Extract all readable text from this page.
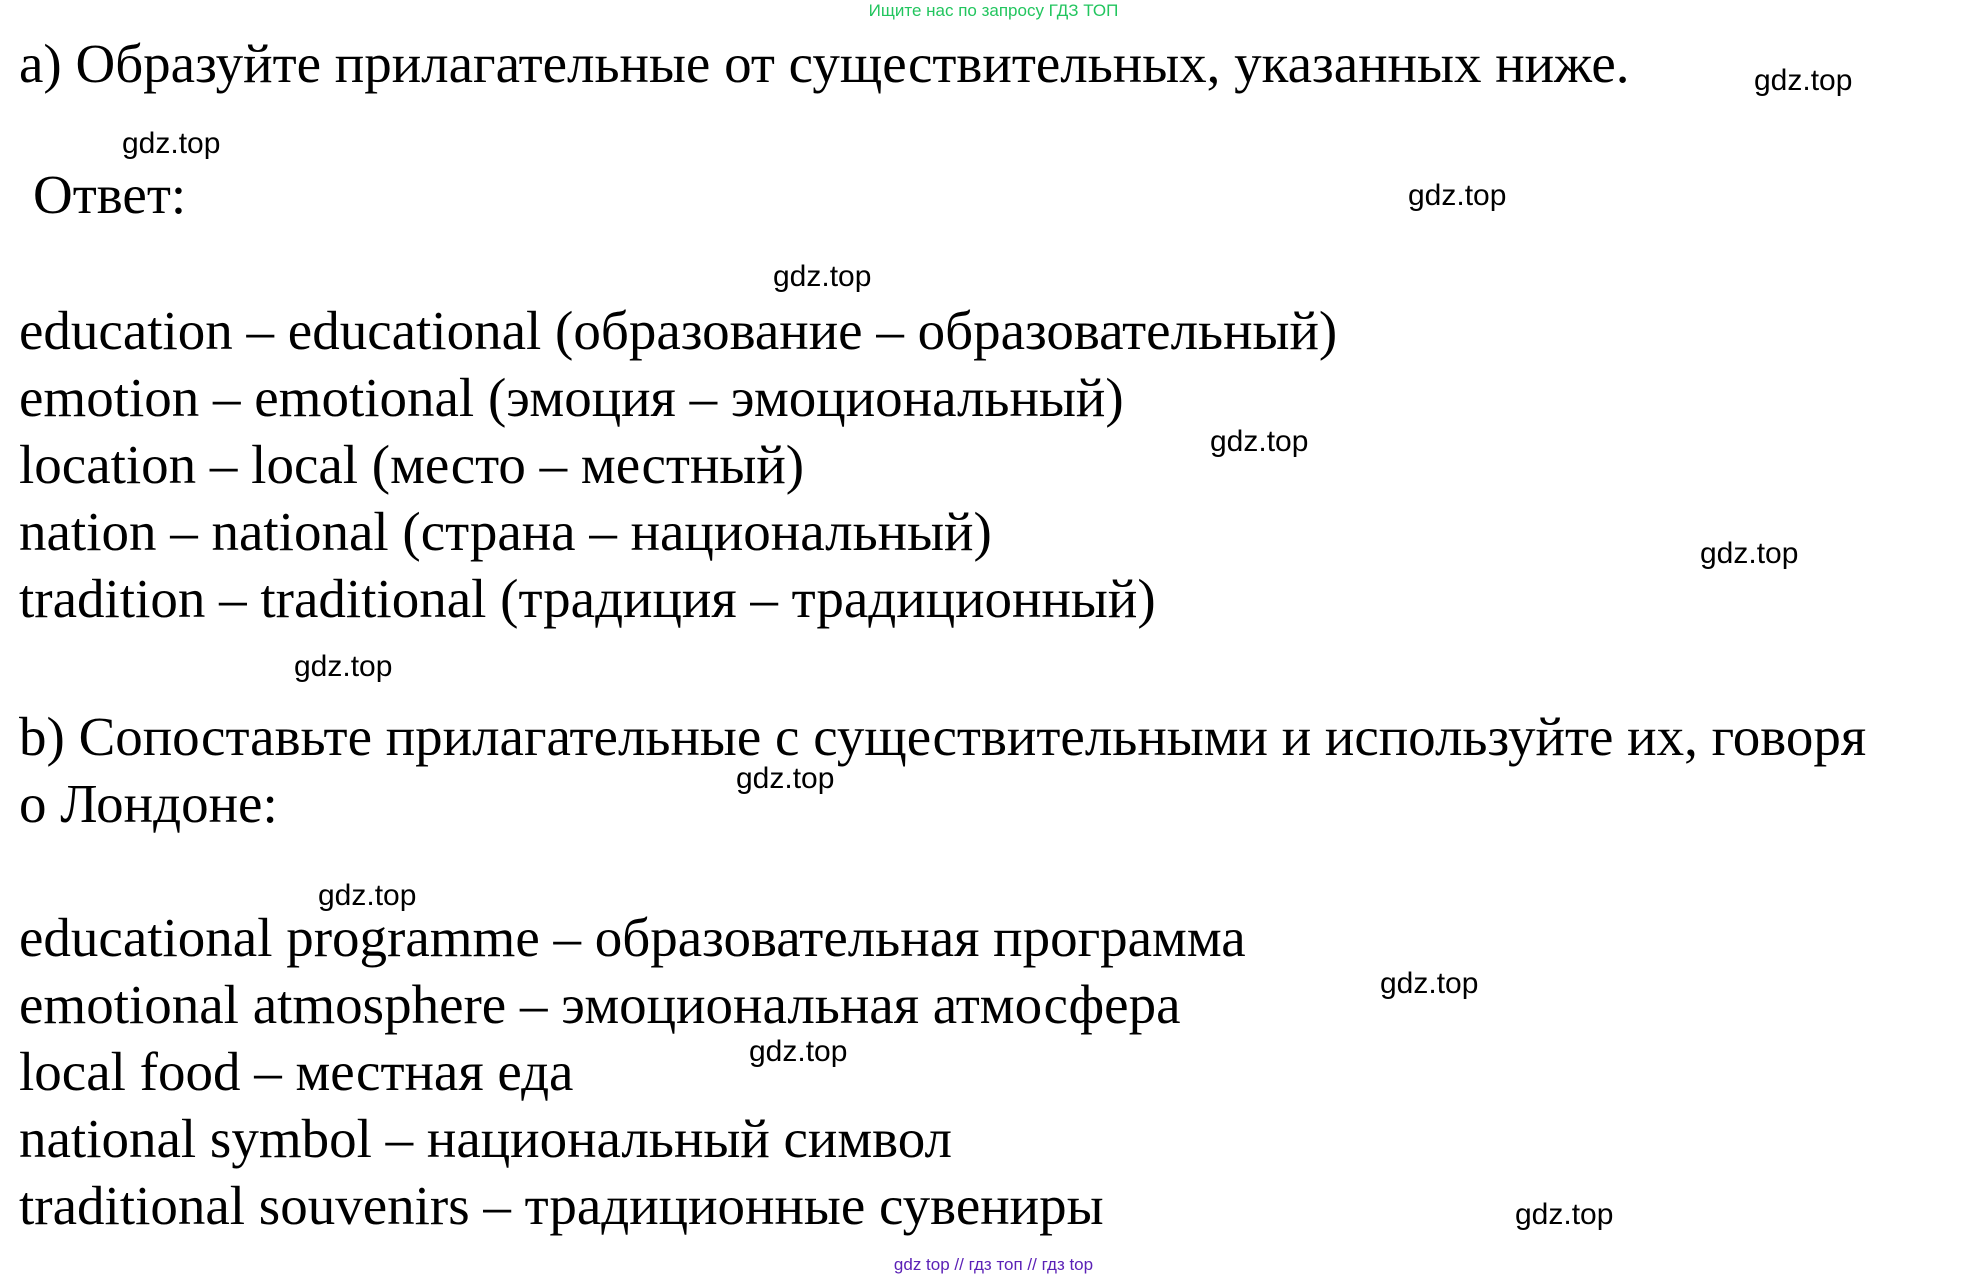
Ищите нас по запросу ГДЗ ТОП
a) Образуйте прилагательные от существительных, указанных ниже.
Ответ:
education – educational (образование – образовательный)
emotion – emotional (эмоция – эмоциональный)
location – local (место – местный)
nation – national (страна – национальный)
tradition – traditional (традиция – традиционный)
b) Сопоставьте прилагательные с существительными и используйте их, говоря
о Лондоне:
educational programme – образовательная программа
emotional atmosphere – эмоциональная атмосфера
local food – местная еда
national symbol – национальный символ
traditional souvenirs – традиционные сувениры
gdz.top
gdz.top
gdz.top
gdz.top
gdz.top
gdz.top
gdz.top
gdz.top
gdz.top
gdz.top
gdz.top
gdz.top
gdz top // гдз топ // гдз top
